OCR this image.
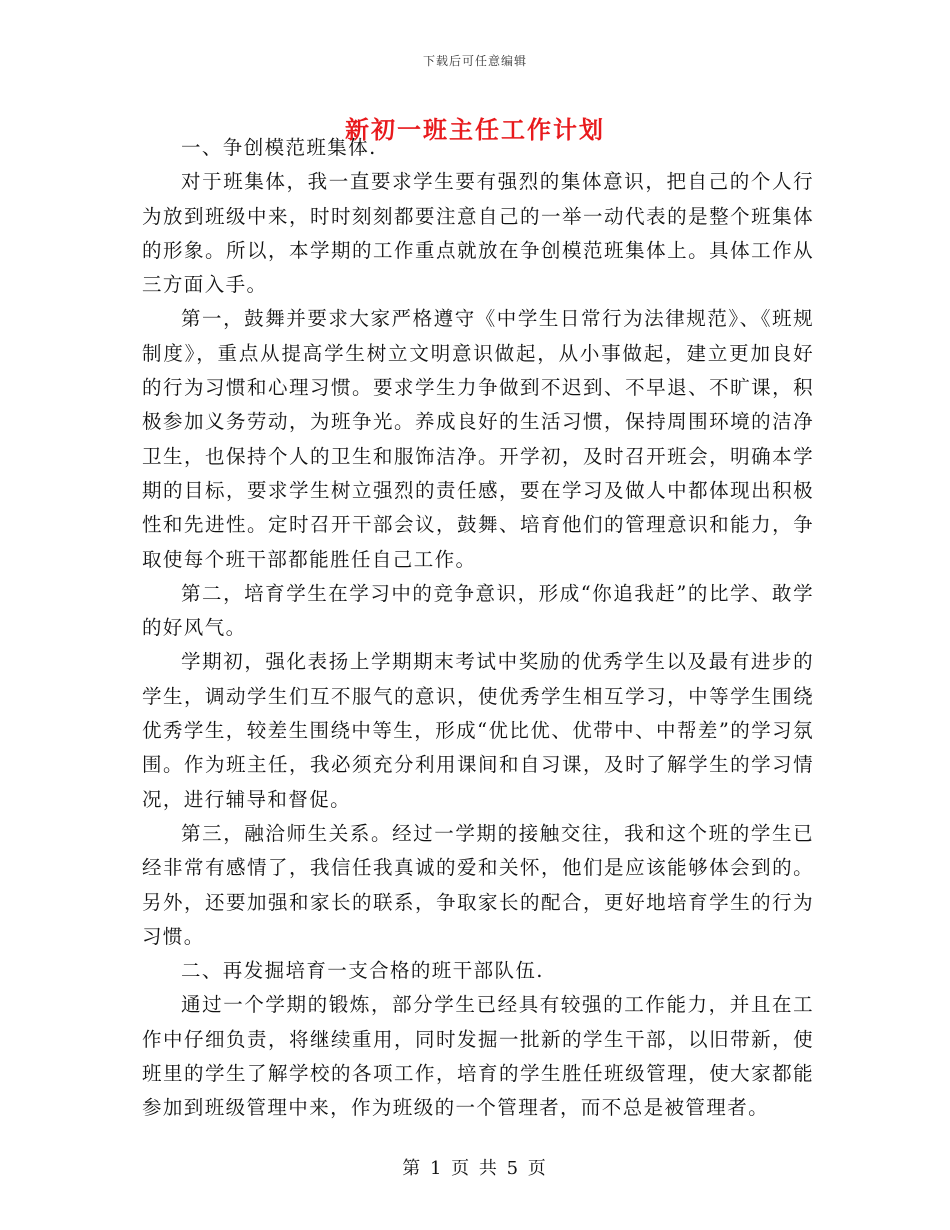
下载后可任意编辑
新初一班主任工作计划

一、争创模范班集体.

对于班集体，我一直要求学生要有强烈的集体意识，把自己的个人行为放到班级中来，时时刻刻都要注意自己的一举一动代表的是整个班集体的形象。所以，本学期的工作重点就放在争创模范班集体上。具体工作从三方面入手。

第一，鼓舞并要求大家严格遵守《中学生日常行为法律规范》、《班规制度》，重点从提高学生树立文明意识做起，从小事做起，建立更加良好的行为习惯和心理习惯。要求学生力争做到不迟到、不早退、不旷课，积极参加义务劳动，为班争光。养成良好的生活习惯，保持周围环境的洁净卫生，也保持个人的卫生和服饰洁净。开学初，及时召开班会，明确本学期的目标，要求学生树立强烈的责任感，要在学习及做人中都体现出积极性和先进性。定时召开干部会议，鼓舞、培育他们的管理意识和能力，争取使每个班干部都能胜任自己工作。

第二，培育学生在学习中的竞争意识，形成“你追我赶”的比学、敢学的好风气。

学期初，强化表扬上学期期末考试中奖励的优秀学生以及最有进步的学生，调动学生们互不服气的意识，使优秀学生相互学习，中等学生围绕优秀学生，较差生围绕中等生，形成“优比优、优带中、中帮差”的学习氛围。作为班主任，我必须充分利用课间和自习课，及时了解学生的学习情况，进行辅导和督促。

第三，融洽师生关系。经过一学期的接触交往，我和这个班的学生已经非常有感情了，我信任我真诚的爱和关怀，他们是应该能够体会到的。另外，还要加强和家长的联系，争取家长的配合，更好地培育学生的行为习惯。

二、再发掘培育一支合格的班干部队伍.

通过一个学期的锻炼，部分学生已经具有较强的工作能力，并且在工作中仔细负责，将继续重用，同时发掘一批新的学生干部，以旧带新，使班里的学生了解学校的各项工作，培育的学生胜任班级管理，使大家都能参加到班级管理中来，作为班级的一个管理者，而不总是被管理者。

第 1 页 共 5 页
